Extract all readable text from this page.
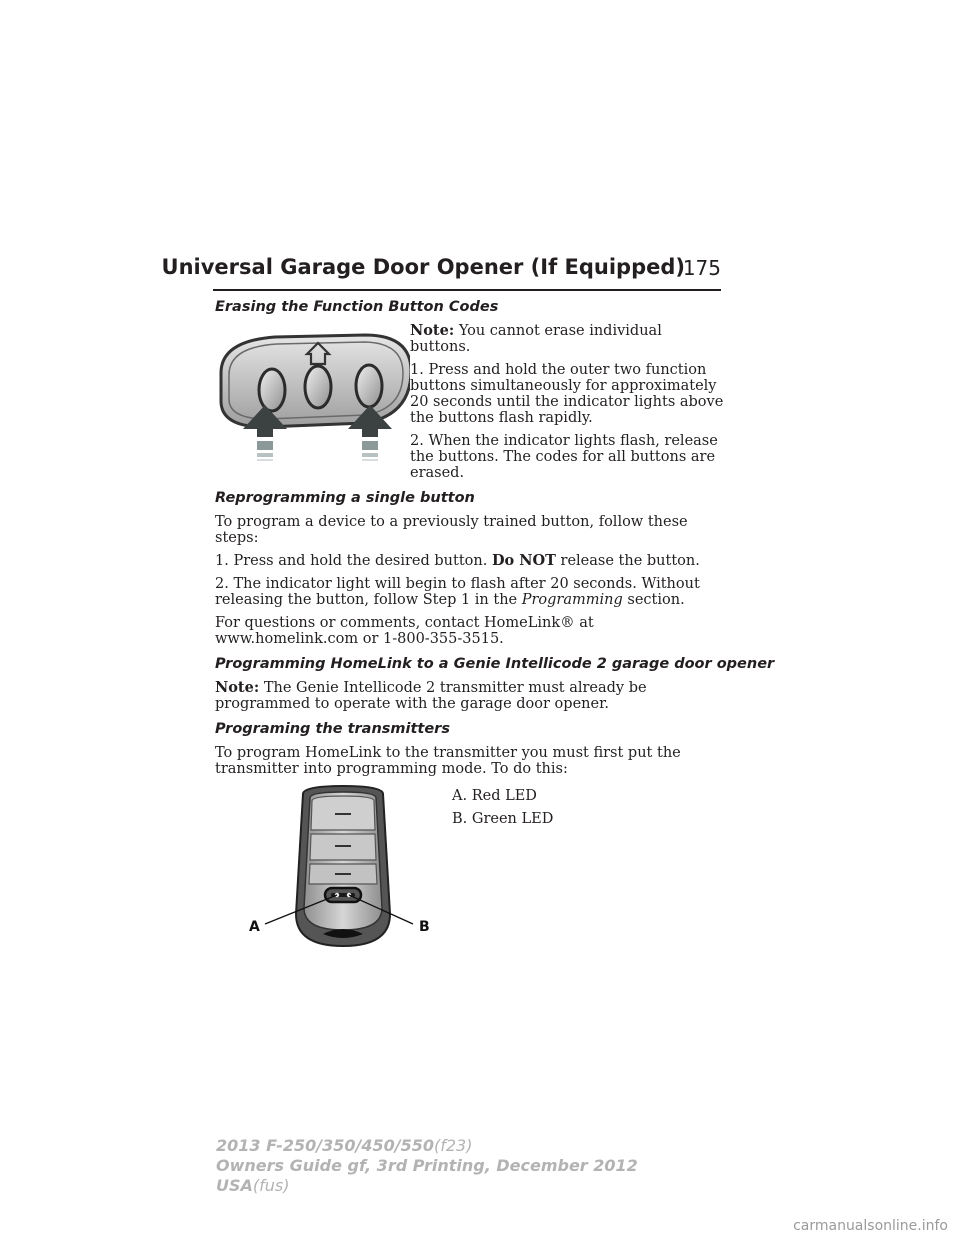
Universal Garage Door Opener (If Equipped)
175
Erasing the Function Button Codes

Note: You cannot erase individual buttons.

1. Press and hold the outer two function buttons simultaneously for approximately 20 seconds until the indicator lights above the buttons flash rapidly.

2. When the indicator lights flash, release the buttons. The codes for all buttons are erased.

Reprogramming a single button

To program a device to a previously trained button, follow these steps:

1. Press and hold the desired button. Do NOT release the button.

2. The indicator light will begin to flash after 20 seconds. Without releasing the button, follow Step 1 in the Programming section.

For questions or comments, contact HomeLink® at www.homelink.com or 1-800-355-3515.

Programming HomeLink to a Genie Intellicode 2 garage door opener

Note: The Genie Intellicode 2 transmitter must already be programmed to operate with the garage door opener.

Programing the transmitters

To program HomeLink to the transmitter you must first put the transmitter into programming mode. To do this:

A	B

A. Red LED

B. Green LED

2013 F-250/350/450/550(f23)
Owners Guide gf, 3rd Printing, December 2012
USA(fus)
carmanualsonline.info
